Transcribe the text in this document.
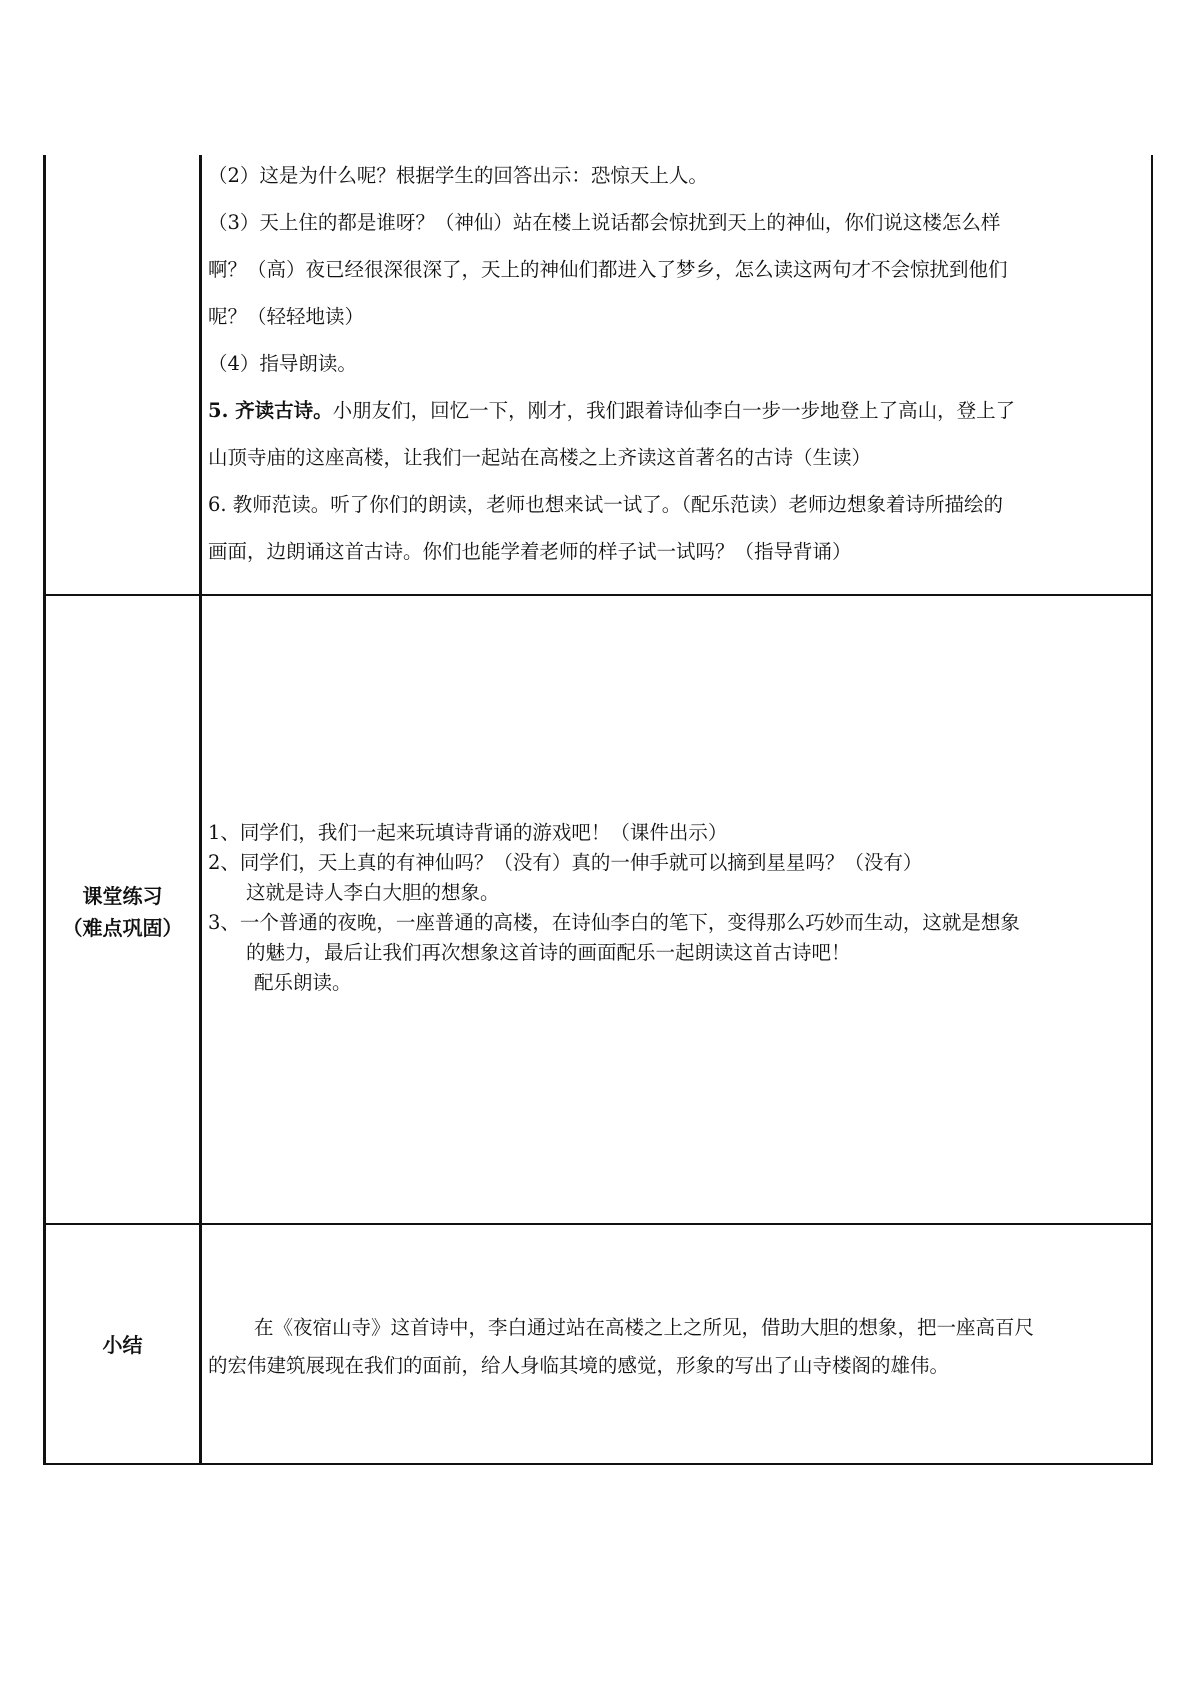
（2）这是为什么呢？根据学生的回答出示：恐惊天上人。
（3）天上住的都是谁呀？（神仙）站在楼上说话都会惊扰到天上的神仙，你们说这楼怎么样
啊？（高）夜已经很深很深了，天上的神仙们都进入了梦乡，怎么读这两句才不会惊扰到他们
呢？（轻轻地读）
（4）指导朗读。
5. 齐读古诗。小朋友们，回忆一下，刚才，我们跟着诗仙李白一步一步地登上了高山，登上了
山顶寺庙的这座高楼，让我们一起站在高楼之上齐读这首著名的古诗（生读）
6. 教师范读。听了你们的朗读，老师也想来试一试了。（配乐范读）老师边想象着诗所描绘的
画面，边朗诵这首古诗。你们也能学着老师的样子试一试吗？（指导背诵）
课堂练习
（难点巩固）
1、同学们，我们一起来玩填诗背诵的游戏吧！（课件出示）
2、同学们，天上真的有神仙吗？（没有）真的一伸手就可以摘到星星吗？（没有）
这就是诗人李白大胆的想象。
3、一个普通的夜晚，一座普通的高楼，在诗仙李白的笔下，变得那么巧妙而生动，这就是想象
的魅力，最后让我们再次想象这首诗的画面配乐一起朗读这首古诗吧！
配乐朗读。
小结
在《夜宿山寺》这首诗中，李白通过站在高楼之上之所见，借助大胆的想象，把一座高百尺
的宏伟建筑展现在我们的面前，给人身临其境的感觉，形象的写出了山寺楼阁的雄伟。
